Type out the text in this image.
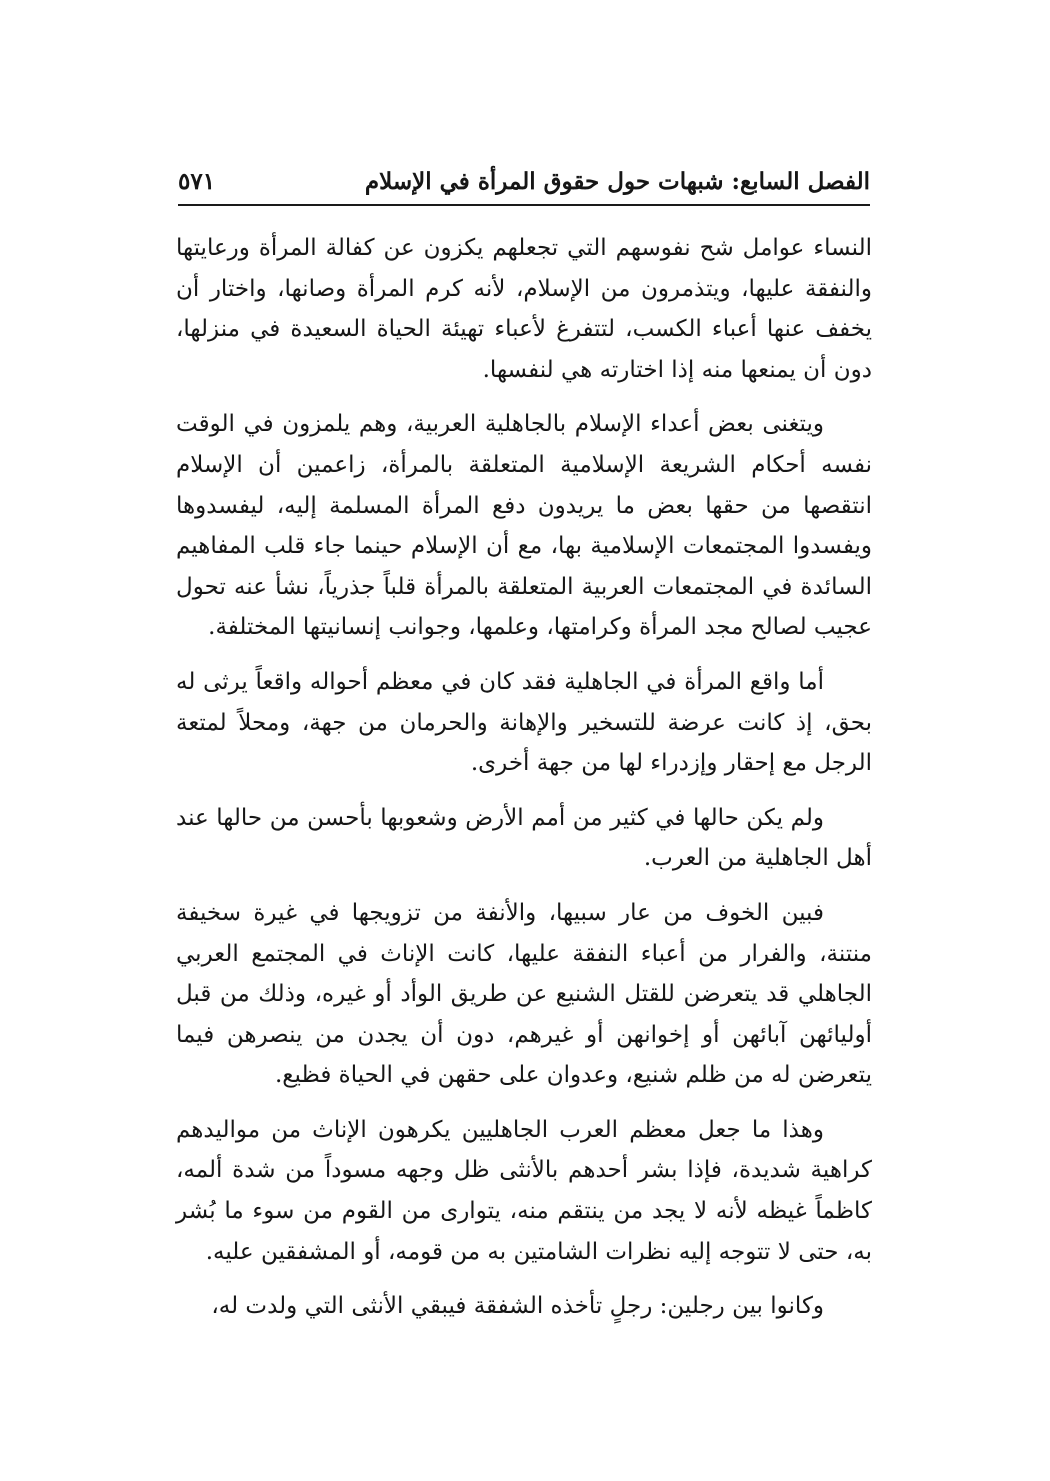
الفصل السابع: شبهات حول حقوق المرأة في الإسلام
٥٧١

النساء عوامل شح نفوسهم التي تجعلهم يكزون عن كفالة المرأة ورعايتها والنفقة عليها، ويتذمرون من الإسلام، لأنه كرم المرأة وصانها، واختار أن يخفف عنها أعباء الكسب، لتتفرغ لأعباء تهيئة الحياة السعيدة في منزلها، دون أن يمنعها منه إذا اختارته هي لنفسها.

ويتغنى بعض أعداء الإسلام بالجاهلية العربية، وهم يلمزون في الوقت نفسه أحكام الشريعة الإسلامية المتعلقة بالمرأة، زاعمين أن الإسلام انتقصها من حقها بعض ما يريدون دفع المرأة المسلمة إليه، ليفسدوها ويفسدوا المجتمعات الإسلامية بها، مع أن الإسلام حينما جاء قلب المفاهيم السائدة في المجتمعات العربية المتعلقة بالمرأة قلباً جذرياً، نشأ عنه تحول عجيب لصالح مجد المرأة وكرامتها، وعلمها، وجوانب إنسانيتها المختلفة.

أما واقع المرأة في الجاهلية فقد كان في معظم أحواله واقعاً يرثى له بحق، إذ كانت عرضة للتسخير والإهانة والحرمان من جهة، ومحلاً لمتعة الرجل مع إحقار وإزدراء لها من جهة أخرى.

ولم يكن حالها في كثير من أمم الأرض وشعوبها بأحسن من حالها عند أهل الجاهلية من العرب.

فبين الخوف من عار سبيها، والأنفة من تزويجها في غيرة سخيفة منتنة، والفرار من أعباء النفقة عليها، كانت الإناث في المجتمع العربي الجاهلي قد يتعرضن للقتل الشنيع عن طريق الوأد أو غيره، وذلك من قبل أوليائهن آبائهن أو إخوانهن أو غيرهم، دون أن يجدن من ينصرهن فيما يتعرضن له من ظلم شنيع، وعدوان على حقهن في الحياة فظيع.

وهذا ما جعل معظم العرب الجاهليين يكرهون الإناث من مواليدهم كراهية شديدة، فإذا بشر أحدهم بالأنثى ظل وجهه مسوداً من شدة ألمه، كاظماً غيظه لأنه لا يجد من ينتقم منه، يتوارى من القوم من سوء ما بُشر به، حتى لا تتوجه إليه نظرات الشامتين به من قومه، أو المشفقين عليه.

وكانوا بين رجلين: رجلٍ تأخذه الشفقة فيبقي الأنثى التي ولدت له،
